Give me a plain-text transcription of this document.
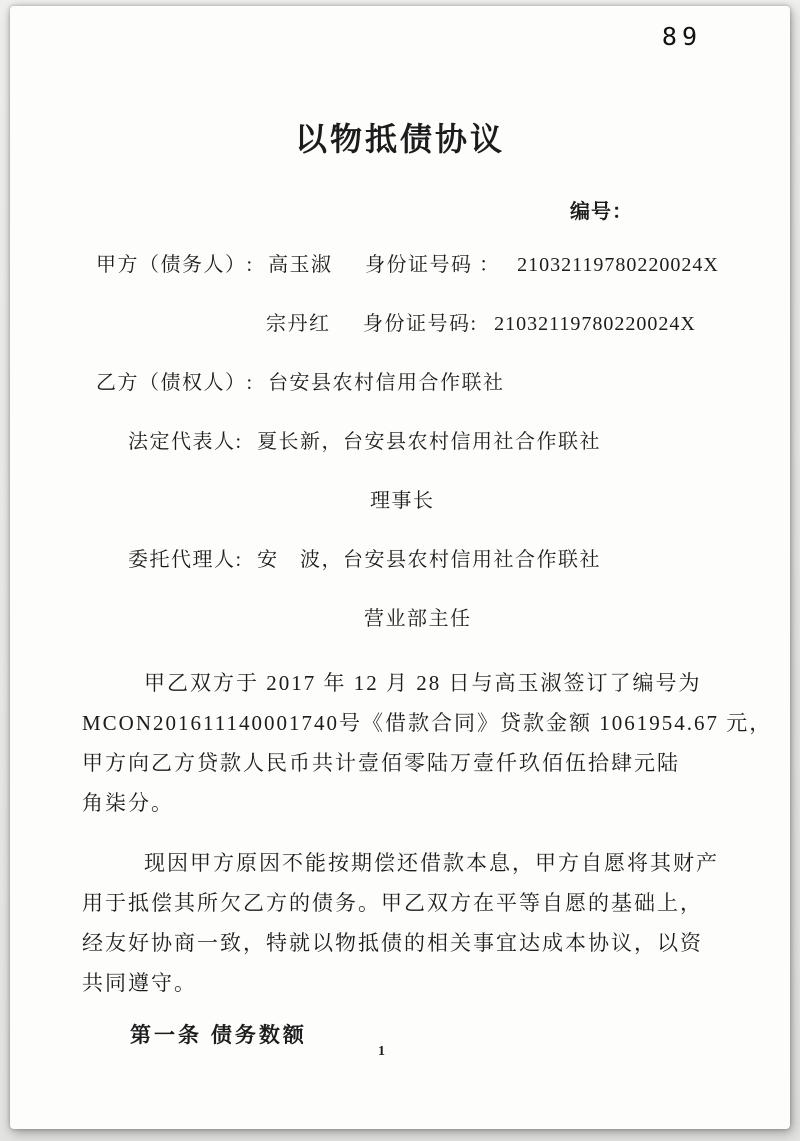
89
以物抵债协议
编号：
甲方（债务人）: 高玉淑 身份证号码 ： 21032119780220024X
宗丹红 身份证号码: 21032119780220024X
乙方（债权人）: 台安县农村信用合作联社
法定代表人: 夏长新，台安县农村信用社合作联社
理事长
委托代理人: 安　波，台安县农村信用社合作联社
营业部主任
甲乙双方于 2017 年 12 月 28 日与高玉淑签订了编号为
MCON201611140001740号《借款合同》贷款金额 1061954.67 元，
甲方向乙方贷款人民币共计壹佰零陆万壹仟玖佰伍拾肆元陆
角柒分。
现因甲方原因不能按期偿还借款本息，甲方自愿将其财产
用于抵偿其所欠乙方的债务。甲乙双方在平等自愿的基础上，
经友好协商一致，特就以物抵债的相关事宜达成本协议，以资
共同遵守。
第一条 债务数额
1
